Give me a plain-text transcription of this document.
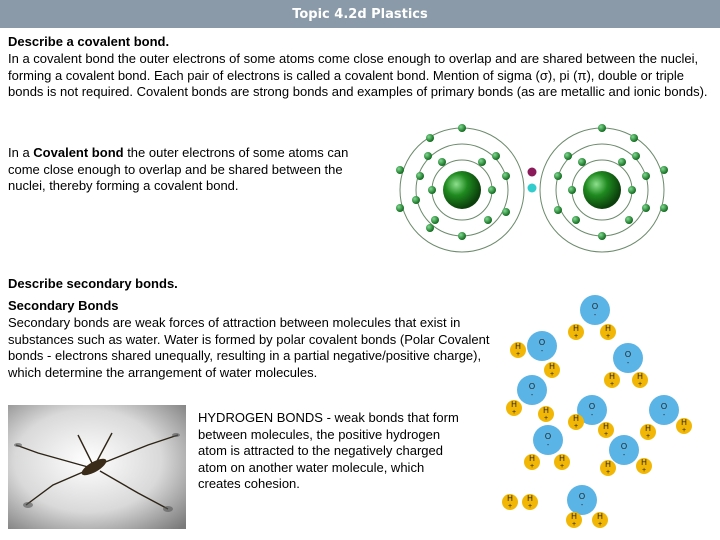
Topic 4.2d Plastics
Describe a covalent bond.
In a covalent bond the outer electrons of some atoms come close enough to overlap and are shared between the nuclei, forming a covalent bond. Each pair of electrons is called a covalent bond. Mention of sigma (σ), pi (π), double or triple bonds is not required. Covalent bonds are strong bonds and examples of primary bonds (as are metallic and ionic bonds).
In a Covalent bond the outer electrons of some atoms can come close enough to overlap and be shared between the nuclei, thereby forming a covalent bond.
Describe secondary bonds.
Secondary Bonds
Secondary bonds are weak forces of attraction between molecules that exist in substances such as water. Water is formed by polar covalent bonds (Polar Covalent bonds - electrons shared unequally, resulting in a partial negative/positive charge), which determine the arrangement of water molecules.
HYDROGEN BONDS - weak bonds that form between molecules, the positive hydrogen atom is attracted to the negatively charged atom on another water molecule, which creates cohesion.
O
-
O
-	O
-
O
-
O
-
O
-
O
-	O
-
O
-
H
+
H
+
H
+
H
+	H
+
H
+
H
+	H
+	H
+	H
+
H
+
H
+
H
+
H
+	H
+
H
+
H
+
H
+
H
+
H
+
